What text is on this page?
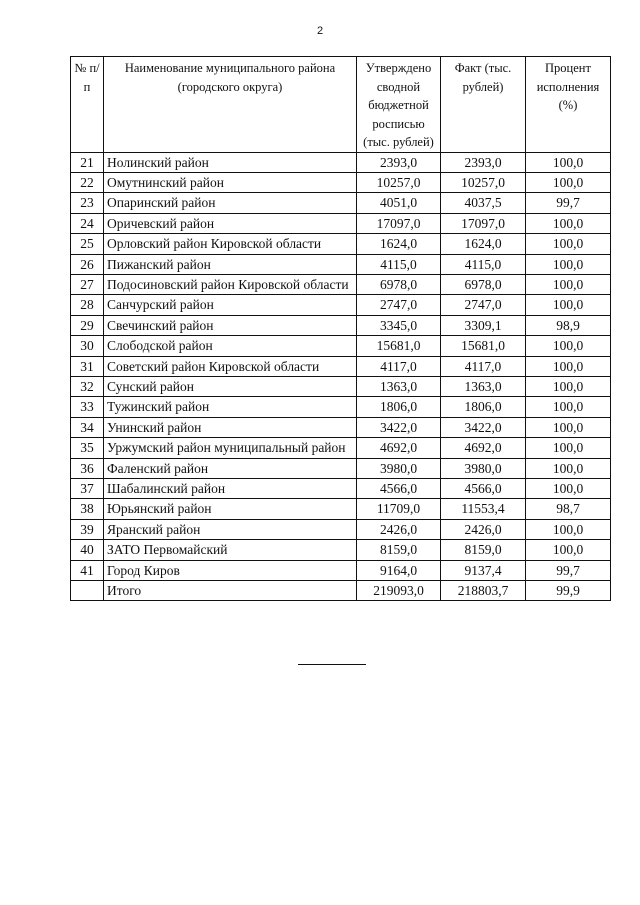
2
№ п/п	Наименование муниципального района (городского округа)	Утверждено сводной бюджетной росписью (тыс. рублей)	Факт (тыс. рублей)	Процент исполнения (%)
21	Нолинский район	2393,0	2393,0	100,0
22	Омутнинский район	10257,0	10257,0	100,0
23	Опаринский район	4051,0	4037,5	99,7
24	Оричевский район	17097,0	17097,0	100,0
25	Орловский район Кировской области	1624,0	1624,0	100,0
26	Пижанский район	4115,0	4115,0	100,0
27	Подосиновский район Кировской области	6978,0	6978,0	100,0
28	Санчурский район	2747,0	2747,0	100,0
29	Свечинский район	3345,0	3309,1	98,9
30	Слободской район	15681,0	15681,0	100,0
31	Советский район Кировской области	4117,0	4117,0	100,0
32	Сунский район	1363,0	1363,0	100,0
33	Тужинский район	1806,0	1806,0	100,0
34	Унинский район	3422,0	3422,0	100,0
35	Уржумский район муниципальный район	4692,0	4692,0	100,0
36	Фаленский район	3980,0	3980,0	100,0
37	Шабалинский район	4566,0	4566,0	100,0
38	Юрьянский район	11709,0	11553,4	98,7
39	Яранский район	2426,0	2426,0	100,0
40	ЗАТО Первомайский	8159,0	8159,0	100,0
41	Город Киров	9164,0	9137,4	99,7
	Итого	219093,0	218803,7	99,9
